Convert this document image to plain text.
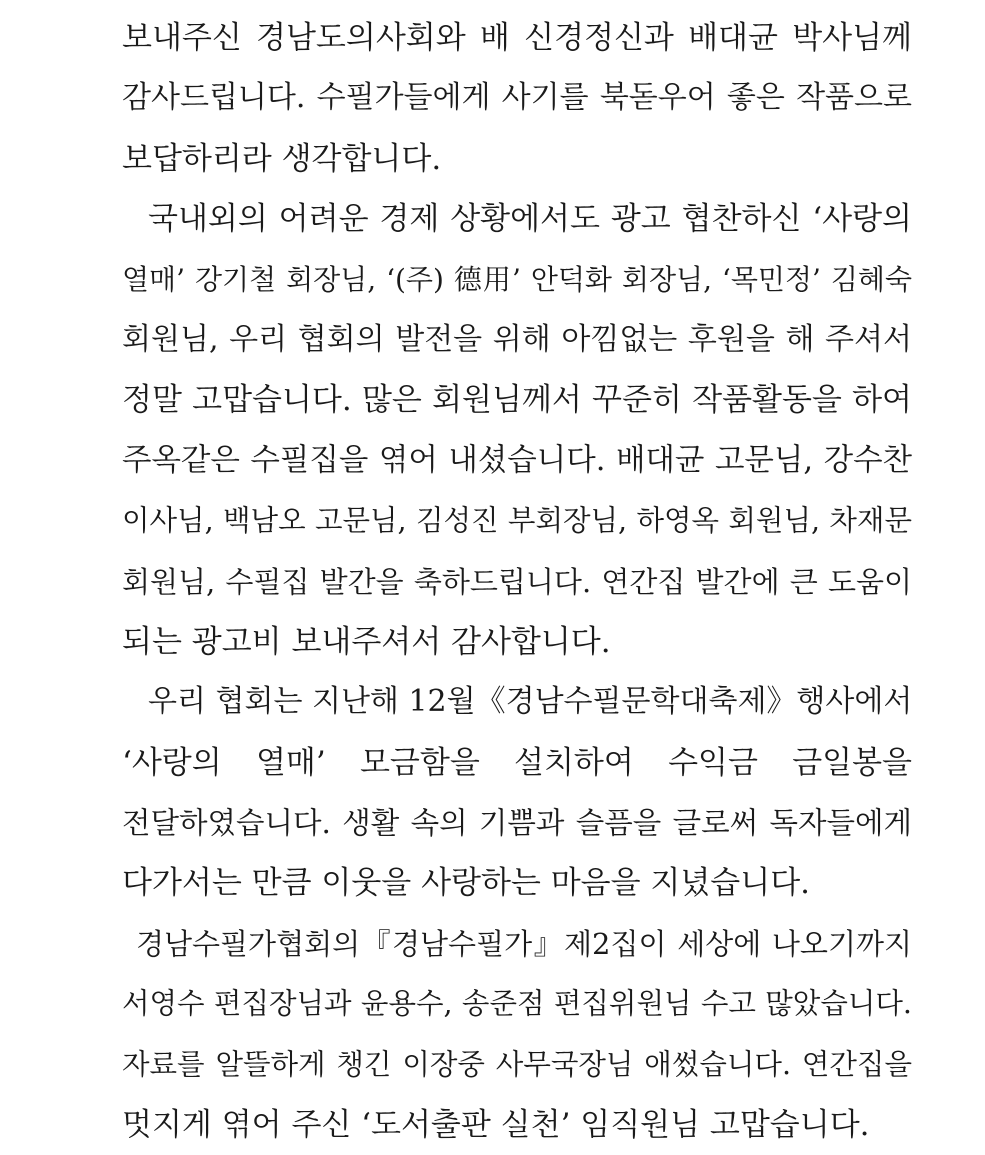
보내주신 경남도의사회와 배 신경정신과 배대균 박사님께
감사드립니다. 수필가들에게 사기를 북돋우어 좋은 작품으로
보답하리라 생각합니다.
국내외의 어려운 경제 상황에서도 광고 협찬하신 ‘사랑의
열매’ 강기철 회장님, ‘(주) 德用’ 안덕화 회장님, ‘목민정’ 김혜숙
회원님, 우리 협회의 발전을 위해 아낌없는 후원을 해 주셔서
정말 고맙습니다. 많은 회원님께서 꾸준히 작품활동을 하여
주옥같은 수필집을 엮어 내셨습니다. 배대균 고문님, 강수찬
이사님, 백남오 고문님, 김성진 부회장님, 하영옥 회원님, 차재문
회원님, 수필집 발간을 축하드립니다. 연간집 발간에 큰 도움이
되는 광고비 보내주셔서 감사합니다.
우리 협회는 지난해 12월《경남수필문학대축제》행사에서
‘사랑의 열매’ 모금함을 설치하여 수익금 금일봉을
전달하였습니다. 생활 속의 기쁨과 슬픔을 글로써 독자들에게
다가서는 만큼 이웃을 사랑하는 마음을 지녔습니다.
경남수필가협회의『경남수필가』제2집이 세상에 나오기까지
서영수 편집장님과 윤용수, 송준점 편집위원님 수고 많았습니다.
자료를 알뜰하게 챙긴 이장중 사무국장님 애썼습니다. 연간집을
멋지게 엮어 주신 ‘도서출판 실천’ 임직원님 고맙습니다.
